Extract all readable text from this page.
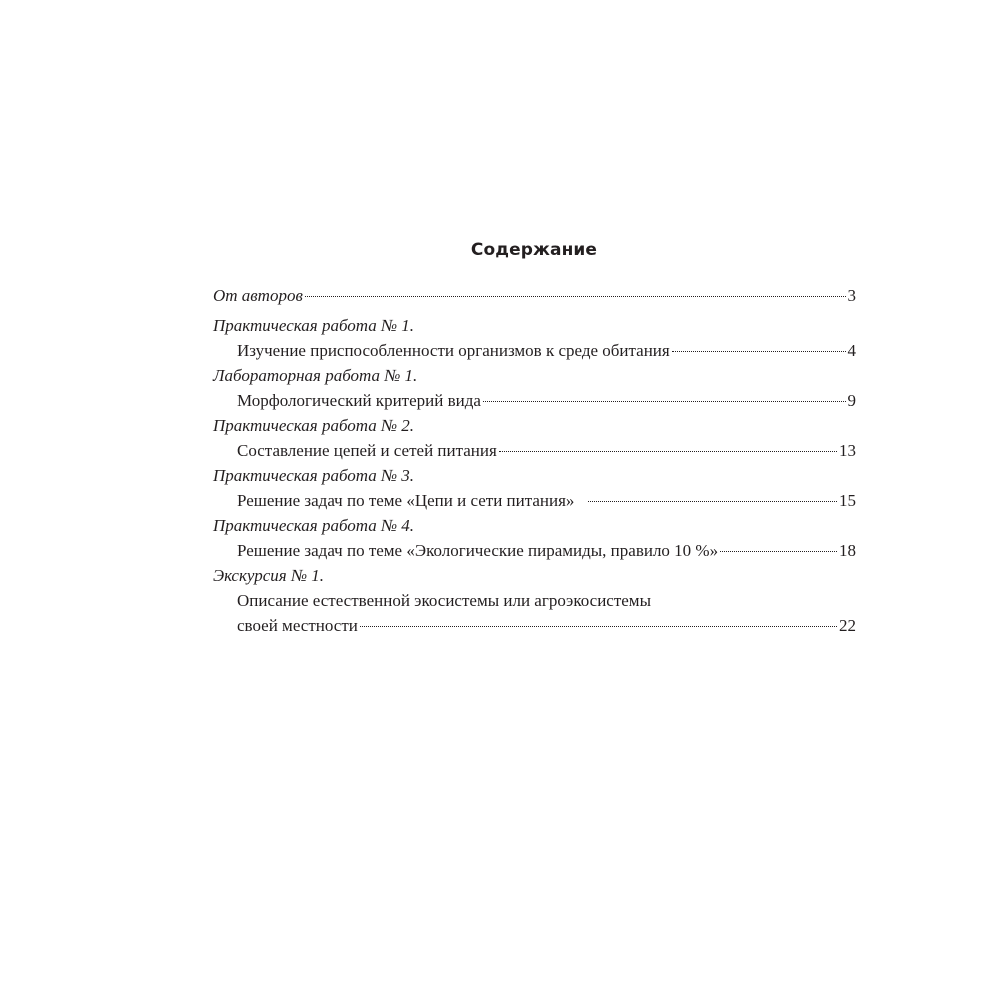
Содержание
От авторов	3
Практическая работа № 1.
Изучение приспособленности организмов к среде обитания	4
Лабораторная работа № 1.
Морфологический критерий вида	9
Практическая работа № 2.
Составление цепей и сетей питания	13
Практическая работа № 3.
Решение задач по теме «Цепи и сети питания»	15
Практическая работа № 4.
Решение задач по теме «Экологические пирамиды, правило 10 %»	18
Экскурсия № 1.
Описание естественной экосистемы или агроэкосистемы
своей местности	22
